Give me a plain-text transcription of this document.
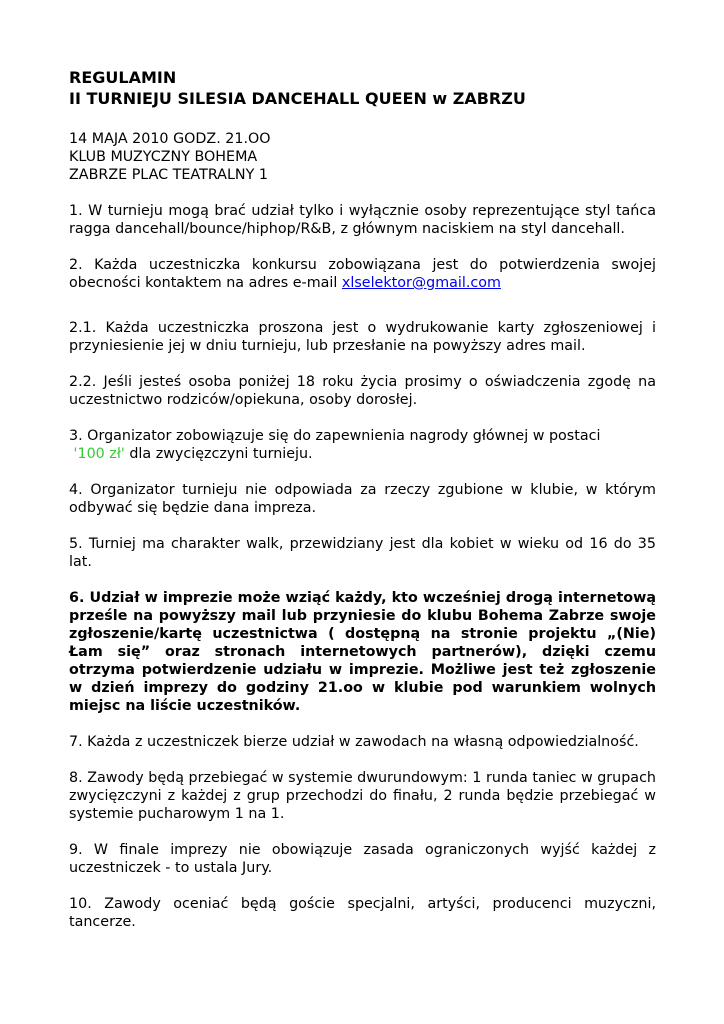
REGULAMIN
II TURNIEJU SILESIA DANCEHALL QUEEN w ZABRZU
14 MAJA 2010 GODZ. 21.OO
KLUB MUZYCZNY BOHEMA
ZABRZE PLAC TEATRALNY 1

1. W turnieju mogą brać udział tylko i wyłącznie osoby reprezentujące styl tańca ragga dancehall/bounce/hiphop/R&B, z głównym naciskiem na styl dancehall.

2. Każda uczestniczka konkursu zobowiązana jest do potwierdzenia swojej obecności kontaktem na adres e-mail xlselektor@gmail.com

2.1. Każda uczestniczka proszona jest o wydrukowanie karty zgłoszeniowej i przyniesienie jej w dniu turnieju, lub przesłanie na powyższy adres mail.

2.2. Jeśli jesteś osoba poniżej 18 roku życia prosimy o oświadczenia zgodę na uczestnictwo rodziców/opiekuna, osoby dorosłej.

3. Organizator zobowiązuje się do zapewnienia nagrody głównej w postaci
'100 zł' dla zwycięzczyni turnieju.

4. Organizator turnieju nie odpowiada za rzeczy zgubione w klubie, w którym odbywać się będzie dana impreza.

5. Turniej ma charakter walk, przewidziany jest dla kobiet w wieku od 16 do 35 lat.

6. Udział w imprezie może wziąć każdy, kto wcześniej drogą internetową prześle na powyższy mail lub przyniesie do klubu Bohema Zabrze swoje zgłoszenie/kartę uczestnictwa ( dostępną na stronie projektu „(Nie) Łam się” oraz stronach internetowych partnerów), dzięki czemu otrzyma potwierdzenie udziału w imprezie. Możliwe jest też zgłoszenie w dzień imprezy do godziny 21.oo w klubie pod warunkiem wolnych miejsc na liście uczestników.

7. Każda z uczestniczek bierze udział w zawodach na własną odpowiedzialność.

8. Zawody będą przebiegać w systemie dwurundowym: 1 runda taniec w grupach zwycięzczyni z każdej z grup przechodzi do finału, 2 runda będzie przebiegać w systemie pucharowym 1 na 1.

9. W finale imprezy nie obowiązuje zasada ograniczonych wyjść każdej z uczestniczek - to ustala Jury.

10. Zawody oceniać będą goście specjalni, artyści, producenci muzyczni, tancerze.
